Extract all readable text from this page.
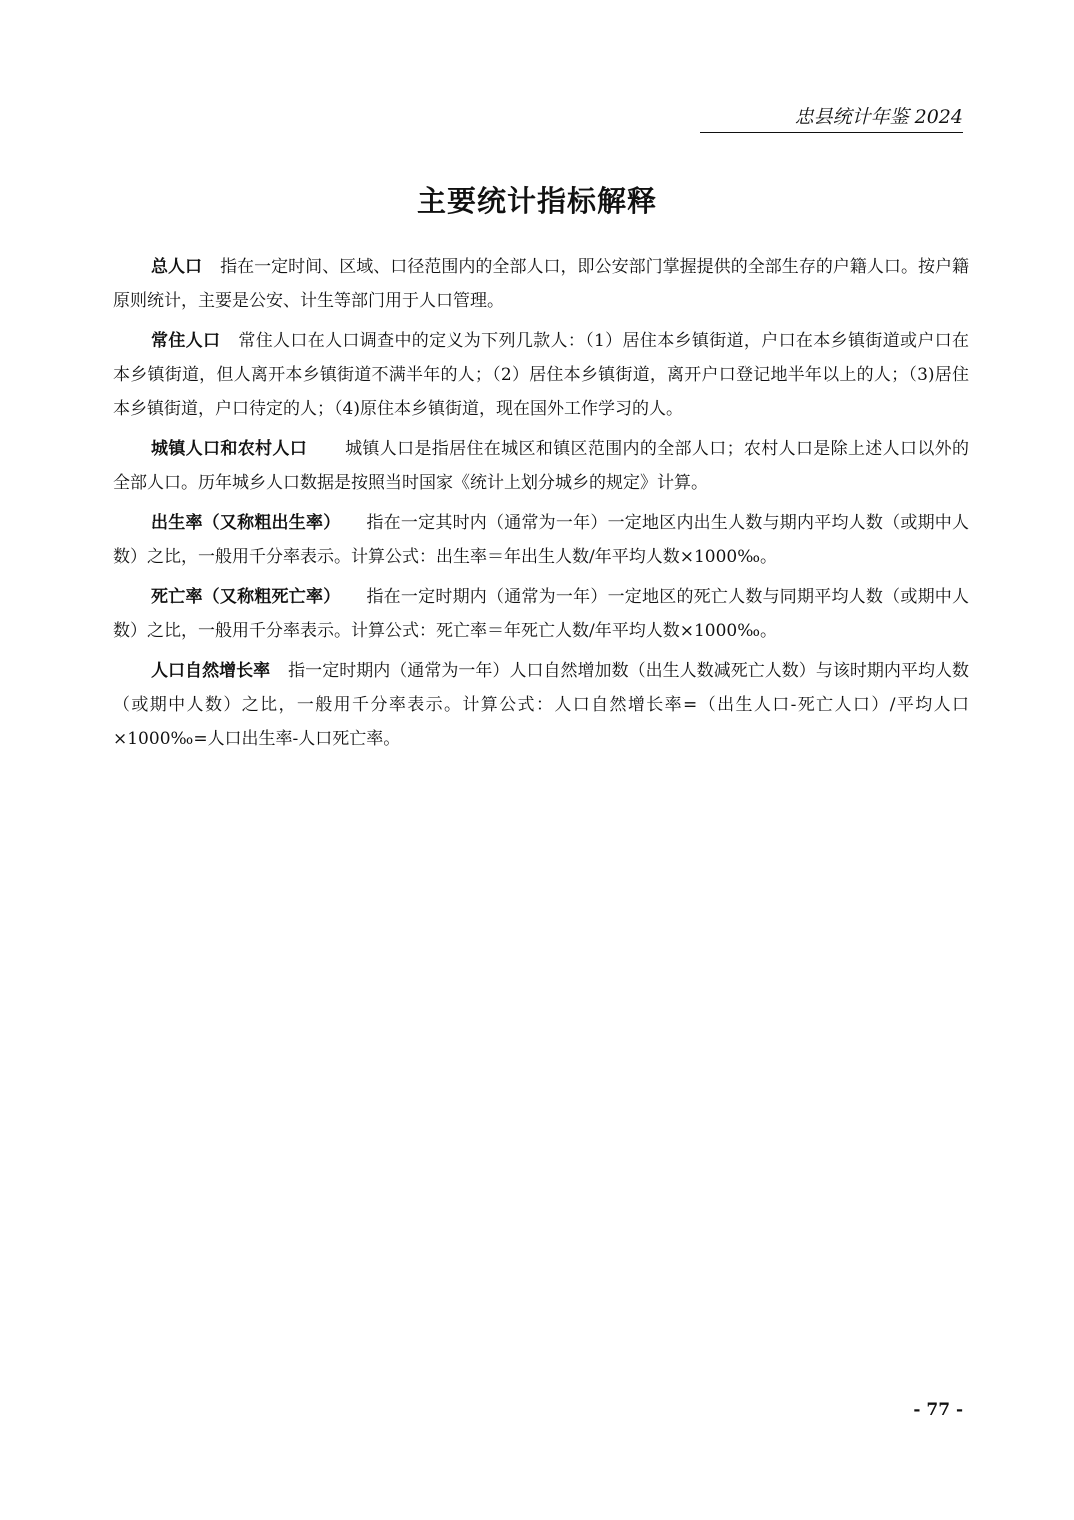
忠县统计年鉴 2024
主要统计指标解释

总人口 指在一定时间、区域、口径范围内的全部人口，即公安部门掌握提供的全部生存的户籍人口。按户籍原则统计，主要是公安、计生等部门用于人口管理。

常住人口 常住人口在人口调查中的定义为下列几款人：（1）居住本乡镇街道，户口在本乡镇街道或户口在本乡镇街道，但人离开本乡镇街道不满半年的人；（2）居住本乡镇街道，离开户口登记地半年以上的人；（3)居住本乡镇街道，户口待定的人；（4)原住本乡镇街道，现在国外工作学习的人。

城镇人口和农村人口 城镇人口是指居住在城区和镇区范围内的全部人口；农村人口是除上述人口以外的全部人口。历年城乡人口数据是按照当时国家《统计上划分城乡的规定》计算。

出生率（又称粗出生率） 指在一定其时内（通常为一年）一定地区内出生人数与期内平均人数（或期中人数）之比，一般用千分率表示。计算公式：出生率＝年出生人数/年平均人数×1000‰。

死亡率（又称粗死亡率） 指在一定时期内（通常为一年）一定地区的死亡人数与同期平均人数（或期中人数）之比，一般用千分率表示。计算公式：死亡率＝年死亡人数/年平均人数×1000‰。

人口自然增长率 指一定时期内（通常为一年）人口自然增加数（出生人数减死亡人数）与该时期内平均人数（或期中人数）之比，一般用千分率表示。计算公式：人口自然增长率=（出生人口-死亡人口）/平均人口×1000‰=人口出生率-人口死亡率。

- 77 -
